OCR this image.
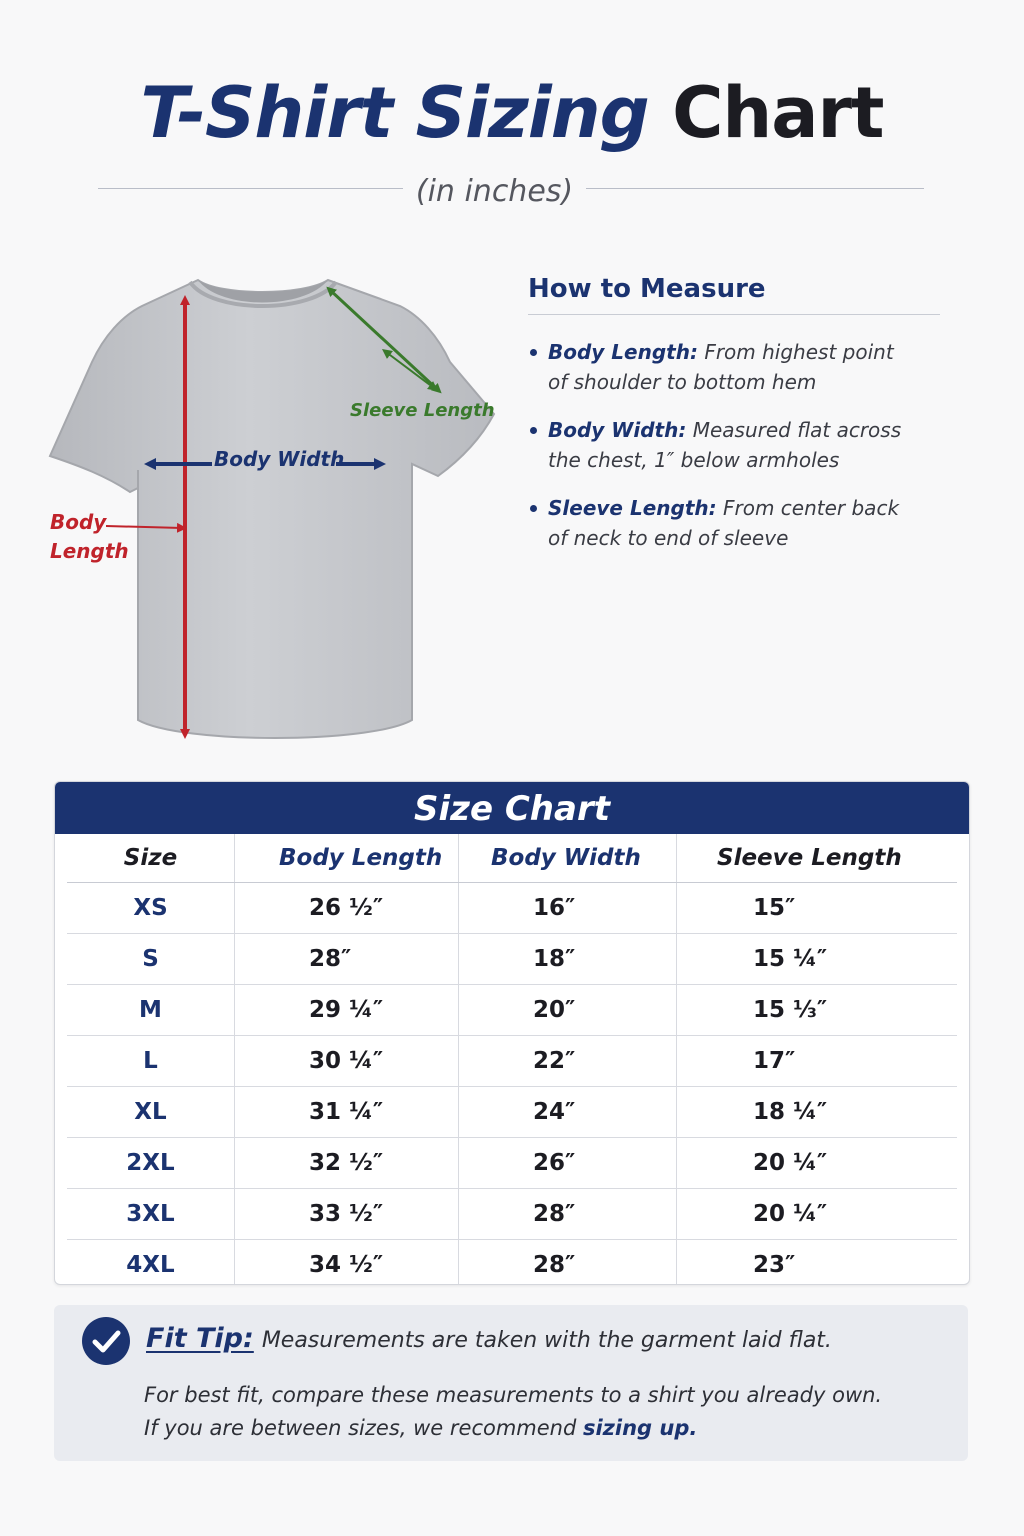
T-Shirt Sizing Chart
(in inches)
Sleeve Length
Body Width
Body
Length
How to Measure
Body Length: From highest point
of shoulder to bottom hem
Body Width: Measured flat across
the chest, 1″ below armholes
Sleeve Length: From center back
of neck to end of sleeve
Size Chart
Size	Body Length	Body Width	Sleeve Length
XS	26 ½″	16″	15″
S	28″	18″	15 ¼″
M	29 ¼″	20″	15 ⅓″
L	30 ¼″	22″	17″
XL	31 ¼″	24″	18 ¼″
2XL	32 ½″	26″	20 ¼″
3XL	33 ½″	28″	20 ¼″
4XL	34 ½″	28″	23″
Fit Tip: Measurements are taken with the garment laid flat.
For best fit, compare these measurements to a shirt you already own.
If you are between sizes, we recommend sizing up.
